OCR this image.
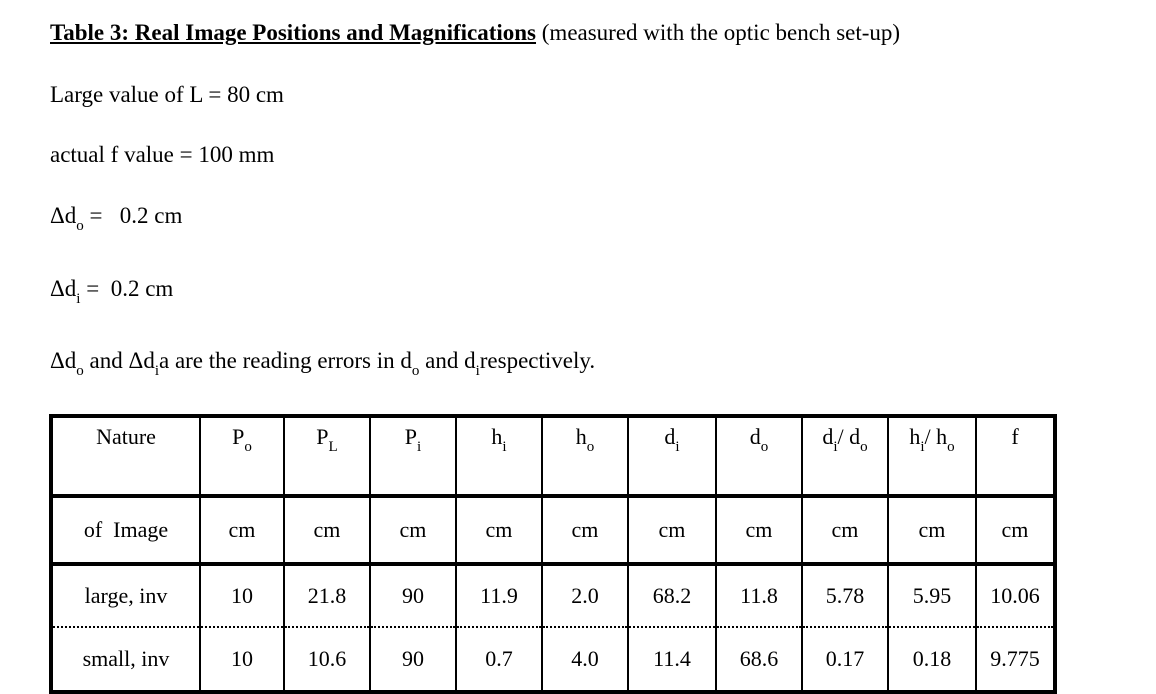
Table 3: Real Image Positions and Magnifications (measured with the optic bench set-up)
Large value of L = 80 cm
actual f value = 100 mm
$\Delta d_o = 0.2$ cm
$\Delta d_i = 0.2$ cm
$\Delta d_o$ and $\Delta d_ia$ are the reading errors in $d_o$ and $d_irespectively$.
Nature	$P_o$	$P_L$	$P_i$	$h_i$	$h_o$	$d_i$	$d_o$	$d_i/$ $d_o$	$h_i/$ $h_o$	f
of  Image	cm	cm	cm	cm	cm	cm	cm	cm	cm	cm
large, inv	10	21.8	90	11.9	2.0	68.2	11.8	5.78	5.95	10.06
small, inv	10	10.6	90	0.7	4.0	11.4	68.6	0.17	0.18	9.775
